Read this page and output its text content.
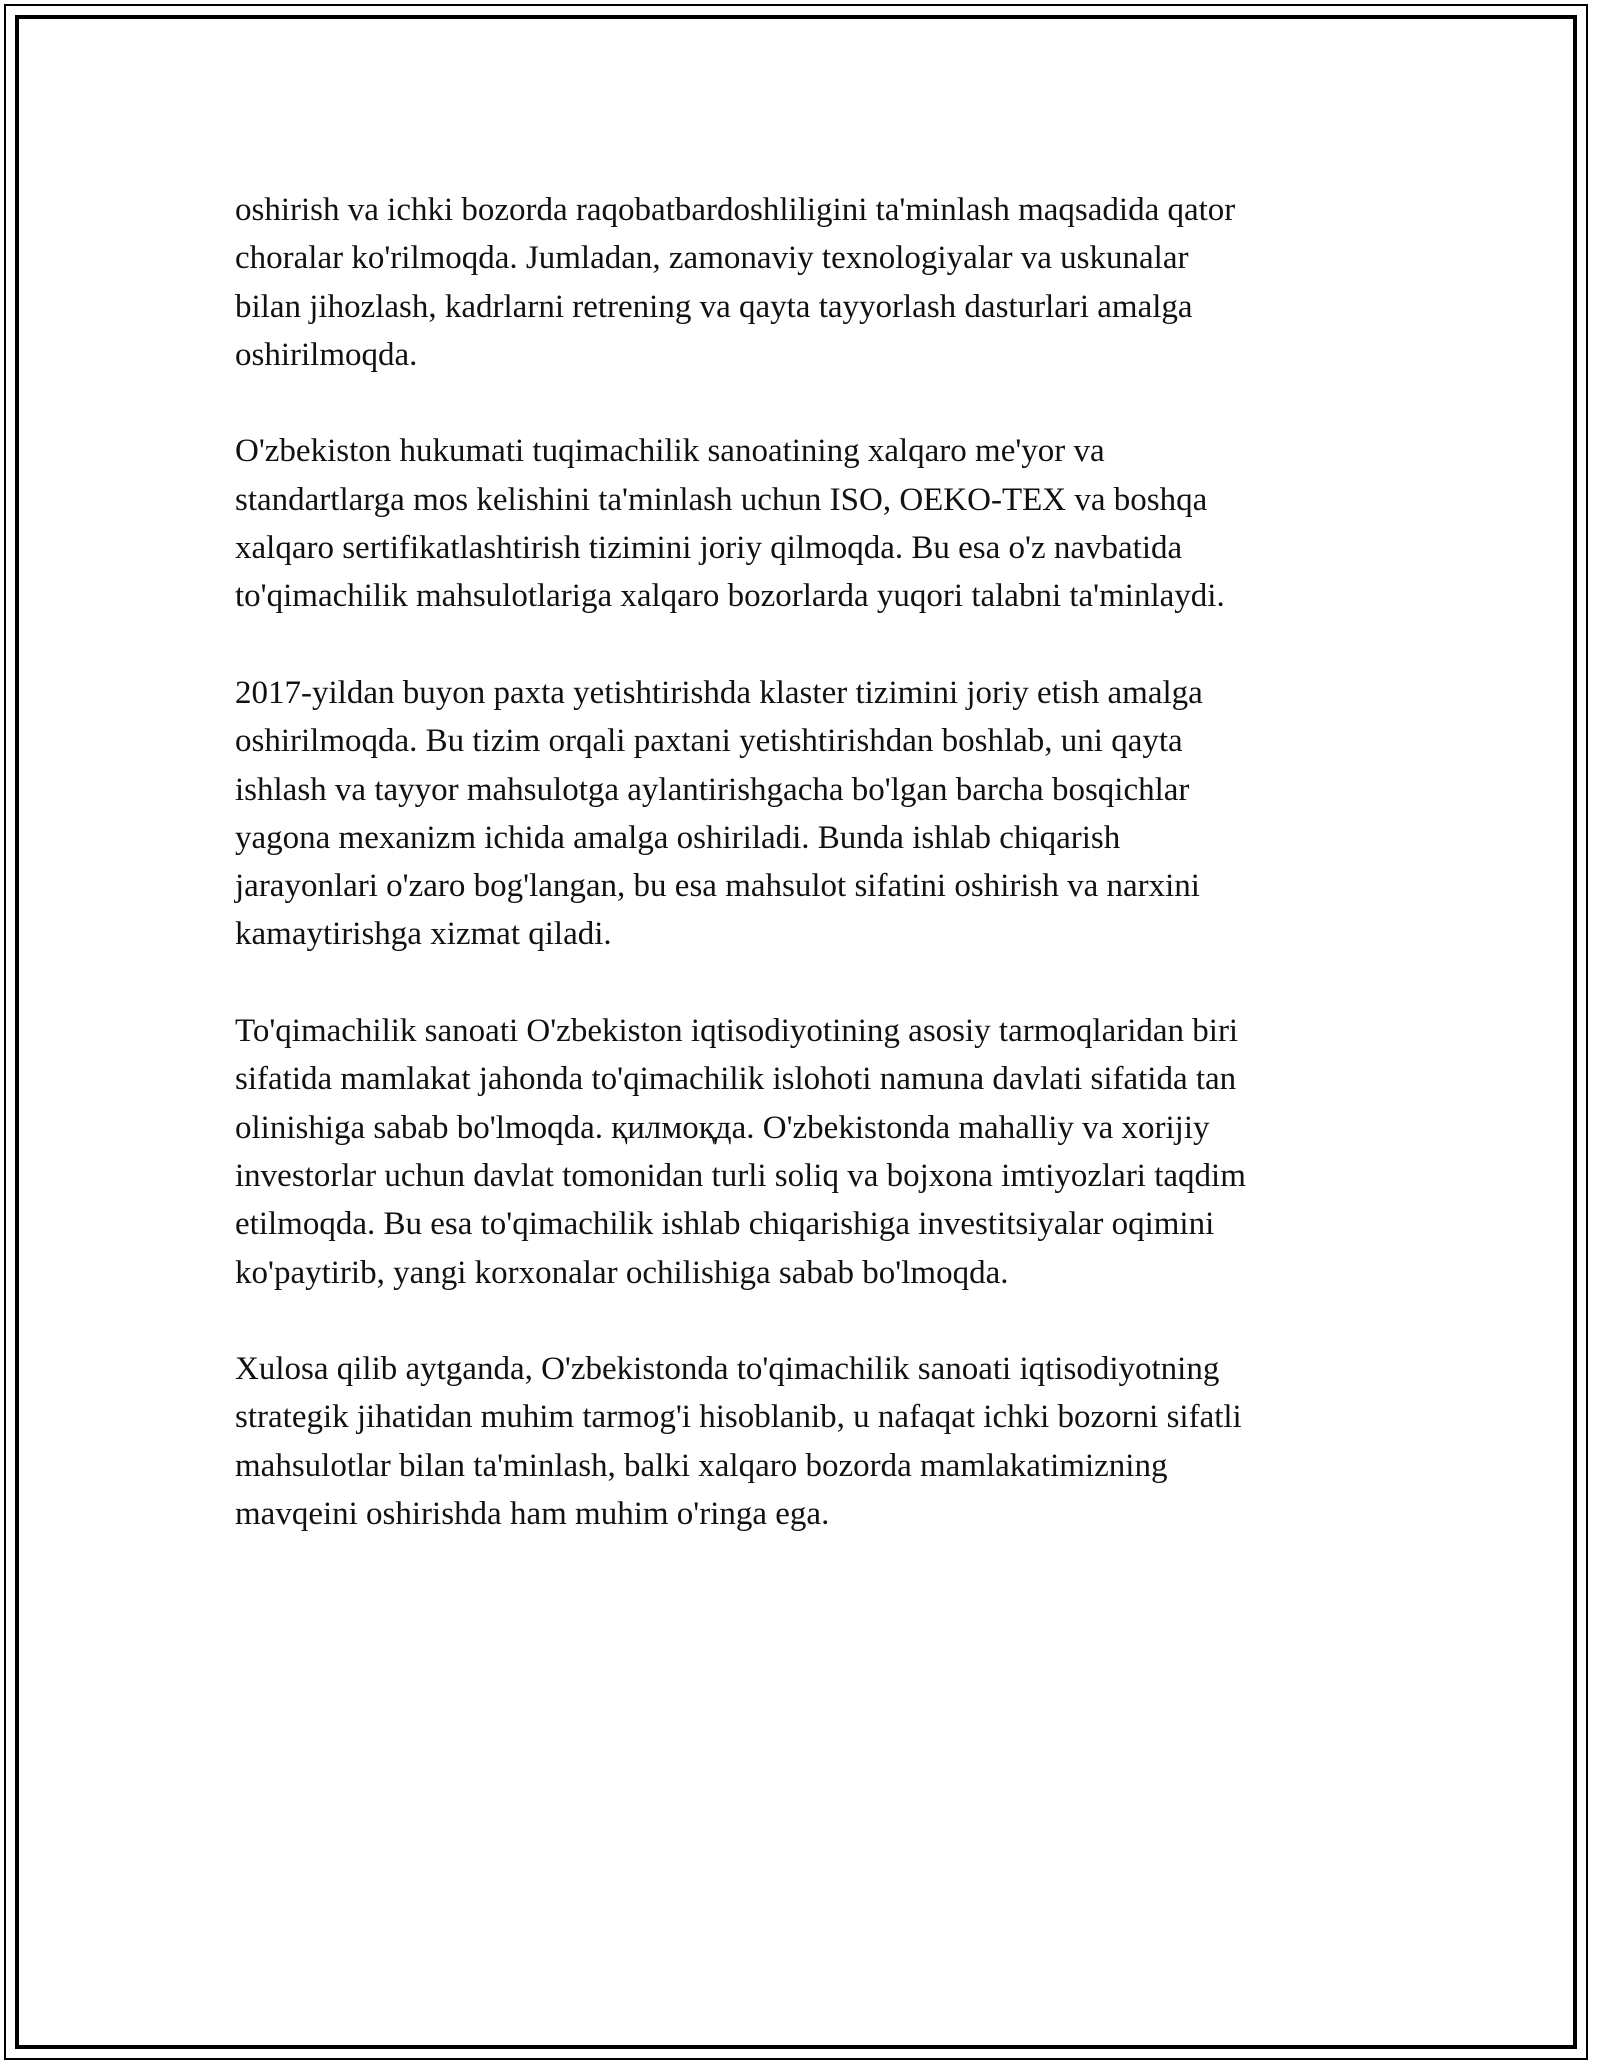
oshirish va ichki bozorda raqobatbardoshliligini ta'minlash maqsadida qator
choralar ko'rilmoqda. Jumladan, zamonaviy texnologiyalar va uskunalar
bilan jihozlash, kadrlarni retrening va qayta tayyorlash dasturlari amalga
oshirilmoqda.

O'zbekiston hukumati tuqimachilik sanoatining xalqaro me'yor va
standartlarga mos kelishini ta'minlash uchun ISO, OEKO-TEX va boshqa
xalqaro sertifikatlashtirish tizimini joriy qilmoqda. Bu esa o'z navbatida
to'qimachilik mahsulotlariga xalqaro bozorlarda yuqori talabni ta'minlaydi.

2017-yildan buyon paxta yetishtirishda klaster tizimini joriy etish amalga
oshirilmoqda. Bu tizim orqali paxtani yetishtirishdan boshlab, uni qayta
ishlash va tayyor mahsulotga aylantirishgacha bo'lgan barcha bosqichlar
yagona mexanizm ichida amalga oshiriladi. Bunda ishlab chiqarish
jarayonlari o'zaro bog'langan, bu esa mahsulot sifatini oshirish va narxini
kamaytirishga xizmat qiladi.

To'qimachilik sanoati O'zbekiston iqtisodiyotining asosiy tarmoqlaridan biri
sifatida mamlakat jahonda to'qimachilik islohoti namuna davlati sifatida tan
olinishiga sabab bo'lmoqda. қилмоқда. O'zbekistonda mahalliy va xorijiy
investorlar uchun davlat tomonidan turli soliq va bojxona imtiyozlari taqdim
etilmoqda. Bu esa to'qimachilik ishlab chiqarishiga investitsiyalar oqimini
ko'paytirib, yangi korxonalar ochilishiga sabab bo'lmoqda.

Xulosa qilib aytganda, O'zbekistonda to'qimachilik sanoati iqtisodiyotning
strategik jihatidan muhim tarmog'i hisoblanib, u nafaqat ichki bozorni sifatli
mahsulotlar bilan ta'minlash, balki xalqaro bozorda mamlakatimizning
mavqeini oshirishda ham muhim o'ringa ega.
